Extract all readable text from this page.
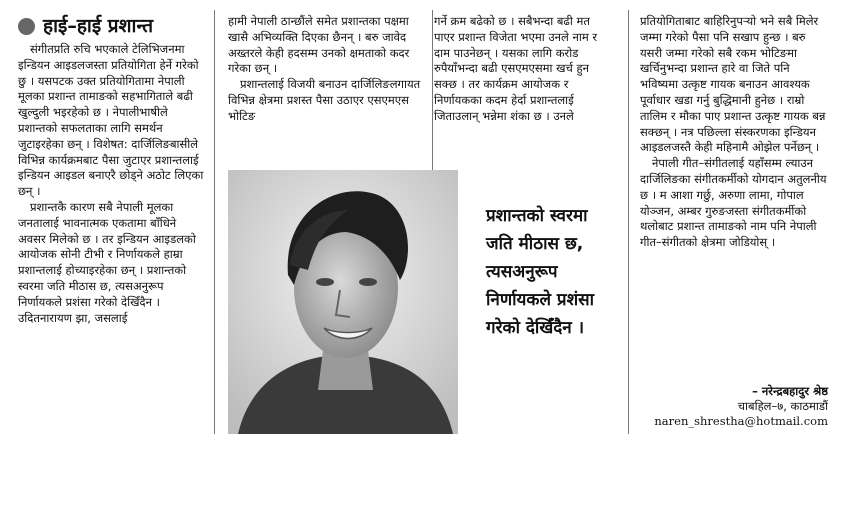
हाई–हाई प्रशान्त

संगीतप्रति रुचि भएकाले टेलिभिजनमा इन्डियन आइडलजस्ता प्रतियोगिता हेर्ने गरेको छु । यसपटक उक्त प्रतियोगितामा नेपाली मूलका प्रशान्त तामाङको सहभागिताले बढी खुल्दुली भइरहेको छ । नेपालीभाषीले प्रशान्तको सफलताका लागि समर्थन जुटाइरहेका छन् । विशेषत: दार्जिलिङबासीले विभिन्न कार्यक्रमबाट पैसा जुटाएर प्रशान्तलाई इन्डियन आइडल बनाएरै छोड्ने अठोट लिएका छन् ।

प्रशान्तकै कारण सबै नेपाली मूलका जनतालाई भावनात्मक एकतामा बाँधिने अवसर मिलेको छ । तर इन्डियन आइडलको आयोजक सोनी टीभी र निर्णायकले हाम्रा प्रशान्तलाई होच्याइरहेका छन् । प्रशान्तको स्वरमा जति मीठास छ, त्यसअनुरूप निर्णायकले प्रशंसा गरेको देखिँदैन । उदितनारायण झा, जसलाई

हामी नेपाली ठान्छौंले समेत प्रशान्तका पक्षमा खासै अभिव्यक्ति दिएका छैनन् । बरु जावेद अख्तरले केही हदसम्म उनको क्षमताको कदर गरेका छन् ।

प्रशान्तलाई विजयी बनाउन दार्जिलिङलगायत विभिन्न क्षेत्रमा प्रशस्त पैसा उठाएर एसएमएस भोटिङ

गर्ने क्रम बढेको छ । सबैभन्दा बढी मत पाएर प्रशान्त विजेता भएमा उनले नाम र दाम पाउनेछन् । यसका लागि करोड रुपैयाँभन्दा बढी एसएमएसमा खर्च हुन सक्छ । तर कार्यक्रम आयोजक र निर्णायकका कदम हेर्दा प्रशान्तलाई जिताउलान् भन्नेमा शंका छ । उनले

प्रशान्तको स्वरमा जति मीठास छ, त्यसअनुरूप निर्णायकले प्रशंसा गरेको देखिँदैन ।

प्रतियोगिताबाट बाहिरिनुपर्‍यो भने सबै मिलेर जम्मा गरेको पैसा पनि सखाप हुन्छ । बरु यसरी जम्मा गरेको सबै रकम भोटिङमा खर्चिनुभन्दा प्रशान्त हारे वा जिते पनि भविष्यमा उत्कृष्ट गायक बनाउन आवश्यक पूर्वाधार खडा गर्नु बुद्धिमानी हुनेछ । राम्रो तालिम र मौका पाए प्रशान्त उत्कृष्ट गायक बन्न सक्छन् । नत्र पछिल्ला संस्करणका इन्डियन आइडलजस्तै केही महिनामै ओझेल पर्नेछन् ।

नेपाली गीत–संगीतलाई यहाँसम्म ल्याउन दार्जिलिङका संगीतकर्मीको योगदान अतुलनीय छ । म आशा गर्छु, अरुणा लामा, गोपाल योञ्जन, अम्बर गुरुङजस्ता संगीतकर्मीको थलोबाट प्रशान्त तामाङको नाम पनि नेपाली गीत–संगीतको क्षेत्रमा जोडियोस् ।

– नरेन्द्रबहादुर श्रेष्ठ
चाबहिल–७, काठमाडौं
naren_shrestha@hotmail.com
